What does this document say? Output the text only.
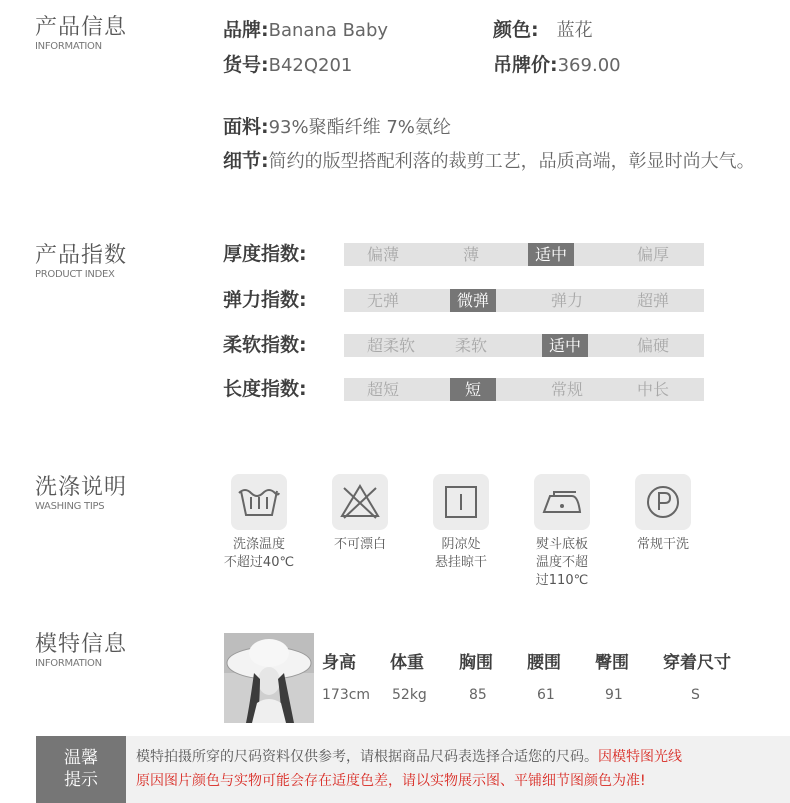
产品信息
INFORMATION
产品指数
PRODUCT INDEX
洗涤说明
WASHING TIPS
模特信息
INFORMATION
品牌:Banana Baby	颜色: 蓝花
货号:B42Q201	吊牌价:369.00
面料:93%聚酯纤维 7%氨纶
细节:简约的版型搭配利落的裁剪工艺，品质高端，彰显时尚大气。
厚度指数:	偏薄	薄	适中	偏厚
弹力指数:	无弹	微弹	弹力	超弹
柔软指数:	超柔软	柔软	适中	偏硬
长度指数:	超短	短	常规	中长
洗涤温度
不超过40℃
不可漂白	阴凉处
悬挂晾干
熨斗底板
温度不超
过110℃
常规干洗
身高 体重 胸围 腰围 臀围 穿着尺寸
173cm 52kg	85	61	91	S
温馨
提示
模特拍摄所穿的尺码资料仅供参考，请根据商品尺码表选择合适您的尺码。因模特图光线
原因图片颜色与实物可能会存在适度色差，请以实物展示图、平铺细节图颜色为准!
